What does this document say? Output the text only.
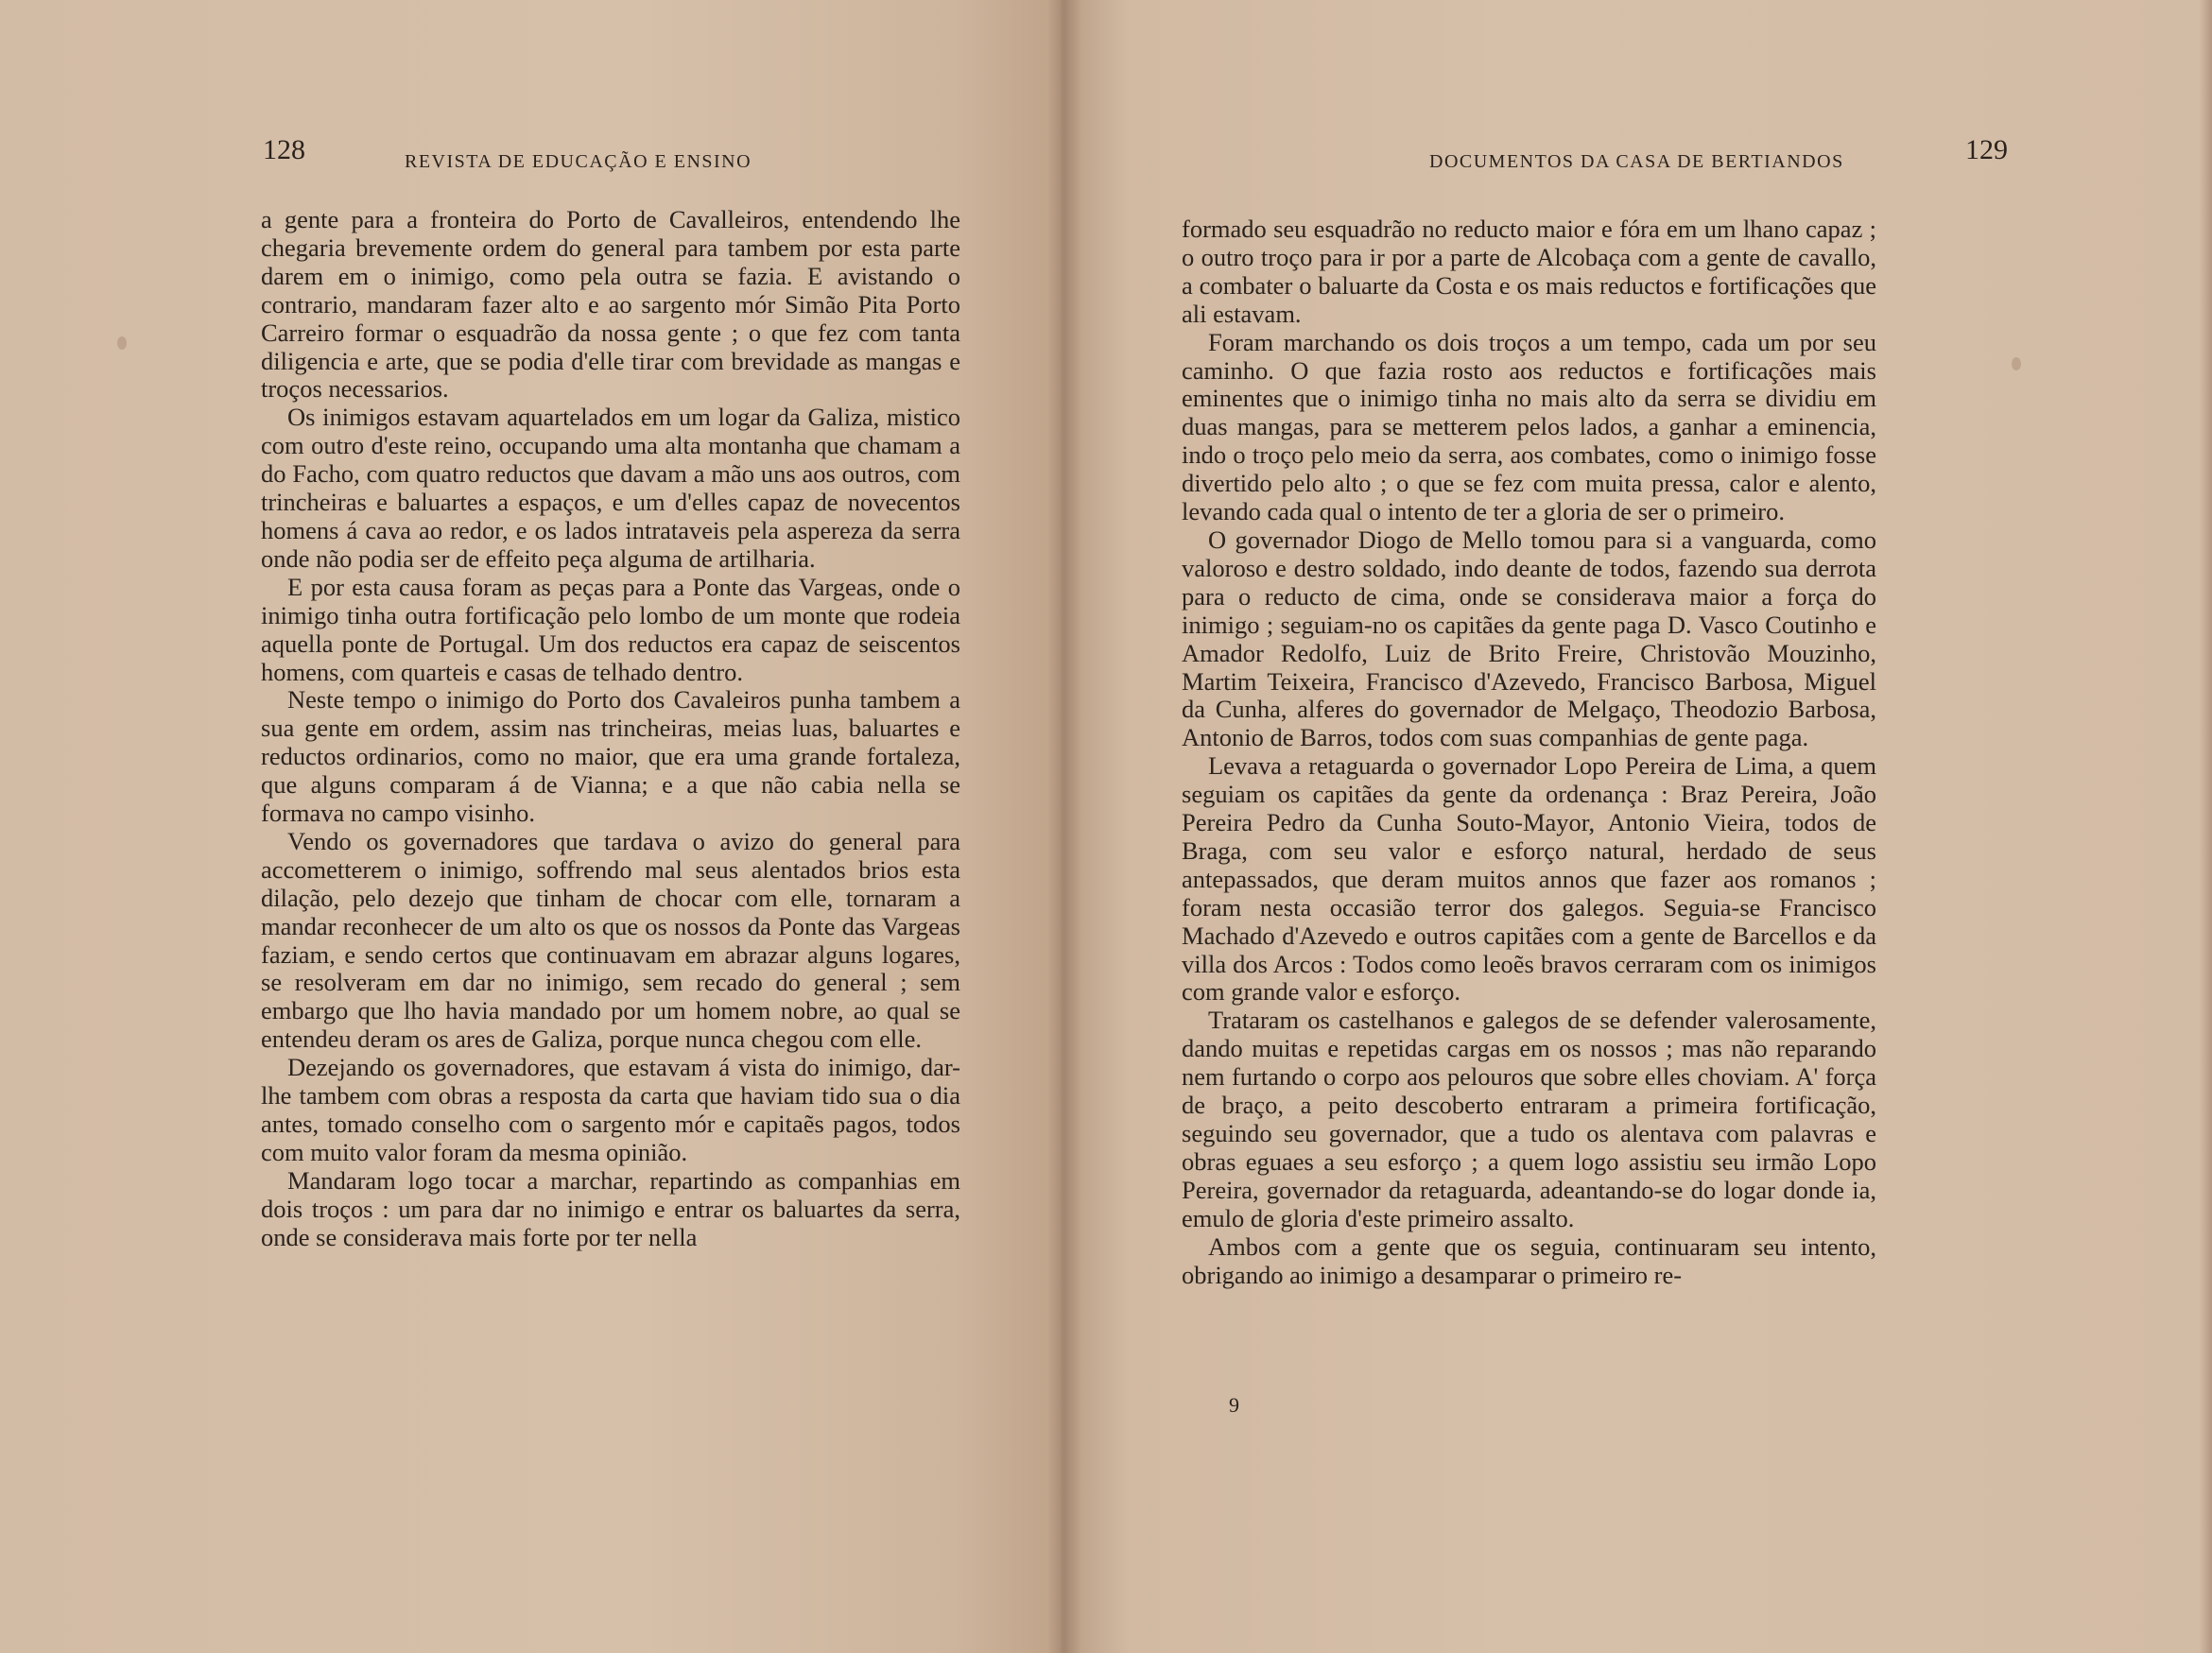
128	REVISTA DE EDUCAÇÃO E ENSINO

a gente para a fronteira do Porto de Cavalleiros, entendendo lhe chegaria brevemente ordem do general para tambem por esta parte darem em o inimigo, como pela outra se fazia. E avistando o contrario, mandaram fazer alto e ao sargento mór Simão Pita Porto Carreiro formar o esquadrão da nossa gente ; o que fez com tanta diligencia e arte, que se podia d'elle tirar com brevidade as mangas e troços necessarios.

Os inimigos estavam aquartelados em um logar da Galiza, mistico com outro d'este reino, occupando uma alta montanha que chamam a do Facho, com quatro reductos que davam a mão uns aos outros, com trincheiras e baluartes a espaços, e um d'elles capaz de novecentos homens á cava ao redor, e os lados intrataveis pela aspereza da serra onde não podia ser de effeito peça alguma de artilharia.

E por esta causa foram as peças para a Ponte das Vargeas, onde o inimigo tinha outra fortificação pelo lombo de um monte que rodeia aquella ponte de Portugal. Um dos reductos era capaz de seiscentos homens, com quarteis e casas de telhado dentro.

Neste tempo o inimigo do Porto dos Cavaleiros punha tambem a sua gente em ordem, assim nas trincheiras, meias luas, baluartes e reductos ordinarios, como no maior, que era uma grande fortaleza, que alguns comparam á de Vianna; e a que não cabia nella se formava no campo visinho.

Vendo os governadores que tardava o avizo do general para accometterem o inimigo, soffrendo mal seus alentados brios esta dilação, pelo dezejo que tinham de chocar com elle, tornaram a mandar reconhecer de um alto os que os nossos da Ponte das Vargeas faziam, e sendo certos que continuavam em abrazar alguns logares, se resolveram em dar no inimigo, sem recado do general ; sem embargo que lho havia mandado por um homem nobre, ao qual se entendeu deram os ares de Galiza, porque nunca chegou com elle.

Dezejando os governadores, que estavam á vista do inimigo, dar-lhe tambem com obras a resposta da carta que haviam tido sua o dia antes, tomado conselho com o sargento mór e capitaẽs pagos, todos com muito valor foram da mesma opinião.

Mandaram logo tocar a marchar, repartindo as companhias em dois troços : um para dar no inimigo e entrar os baluartes da serra, onde se considerava mais forte por ter nella

DOCUMENTOS DA CASA DE BERTIANDOS	129

formado seu esquadrão no reducto maior e fóra em um lhano capaz ; o outro troço para ir por a parte de Alcobaça com a gente de cavallo, a combater o baluarte da Costa e os mais reductos e fortificações que ali estavam.

Foram marchando os dois troços a um tempo, cada um por seu caminho. O que fazia rosto aos reductos e fortificações mais eminentes que o inimigo tinha no mais alto da serra se dividiu em duas mangas, para se metterem pelos lados, a ganhar a eminencia, indo o troço pelo meio da serra, aos combates, como o inimigo fosse divertido pelo alto ; o que se fez com muita pressa, calor e alento, levando cada qual o intento de ter a gloria de ser o primeiro.

O governador Diogo de Mello tomou para si a vanguarda, como valoroso e destro soldado, indo deante de todos, fazendo sua derrota para o reducto de cima, onde se considerava maior a força do inimigo ; seguiam-no os capitães da gente paga D. Vasco Coutinho e Amador Redolfo, Luiz de Brito Freire, Christovão Mouzinho, Martim Teixeira, Francisco d'Azevedo, Francisco Barbosa, Miguel da Cunha, alferes do governador de Melgaço, Theodozio Barbosa, Antonio de Barros, todos com suas companhias de gente paga.

Levava a retaguarda o governador Lopo Pereira de Lima, a quem seguiam os capitães da gente da ordenança : Braz Pereira, João Pereira Pedro da Cunha Souto-Mayor, Antonio Vieira, todos de Braga, com seu valor e esforço natural, herdado de seus antepassados, que deram muitos annos que fazer aos romanos ; foram nesta occasião terror dos galegos. Seguia-se Francisco Machado d'Azevedo e outros capitães com a gente de Barcellos e da villa dos Arcos : Todos como leoẽs bravos cerraram com os inimigos com grande valor e esforço.

Trataram os castelhanos e galegos de se defender valerosamente, dando muitas e repetidas cargas em os nossos ; mas não reparando nem furtando o corpo aos pelouros que sobre elles choviam. A' força de braço, a peito descoberto entraram a primeira fortificação, seguindo seu governador, que a tudo os alentava com palavras e obras eguaes a seu esforço ; a quem logo assistiu seu irmão Lopo Pereira, governador da retaguarda, adeantando-se do logar donde ia, emulo de gloria d'este primeiro assalto.

Ambos com a gente que os seguia, continuaram seu intento, obrigando ao inimigo a desamparar o primeiro re-

9
